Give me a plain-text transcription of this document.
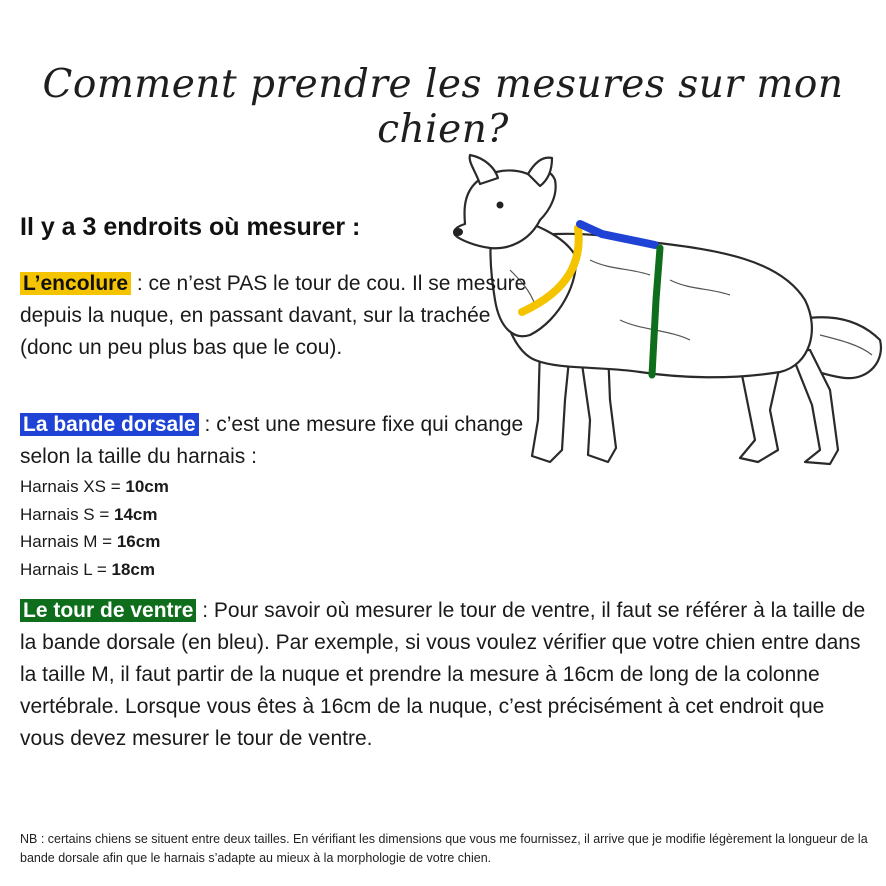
Comment prendre les mesures sur mon chien?
Il y a 3 endroits où mesurer :
L’encolure : ce n’est PAS le tour de cou. Il se mesure depuis la nuque, en passant davant, sur la trachée (donc un peu plus bas que le cou).
La bande dorsale : c’est une mesure fixe qui change selon la taille du harnais :
Harnais XS = 10cm
Harnais S = 14cm
Harnais M = 16cm
Harnais L = 18cm
Le tour de ventre : Pour savoir où mesurer le tour de ventre, il faut se référer à la taille de la bande dorsale (en bleu). Par exemple, si vous voulez vérifier que votre chien entre dans la taille M, il faut partir de la nuque et prendre la mesure à 16cm de long de la colonne vertébrale. Lorsque vous êtes à 16cm de la nuque, c’est précisément à cet endroit que vous devez mesurer le tour de ventre.
NB : certains chiens se situent entre deux tailles. En vérifiant les dimensions que vous me fournissez, il arrive que je modifie légèrement la longueur de la bande dorsale afin que le harnais s’adapte au mieux à la morphologie de votre chien.
